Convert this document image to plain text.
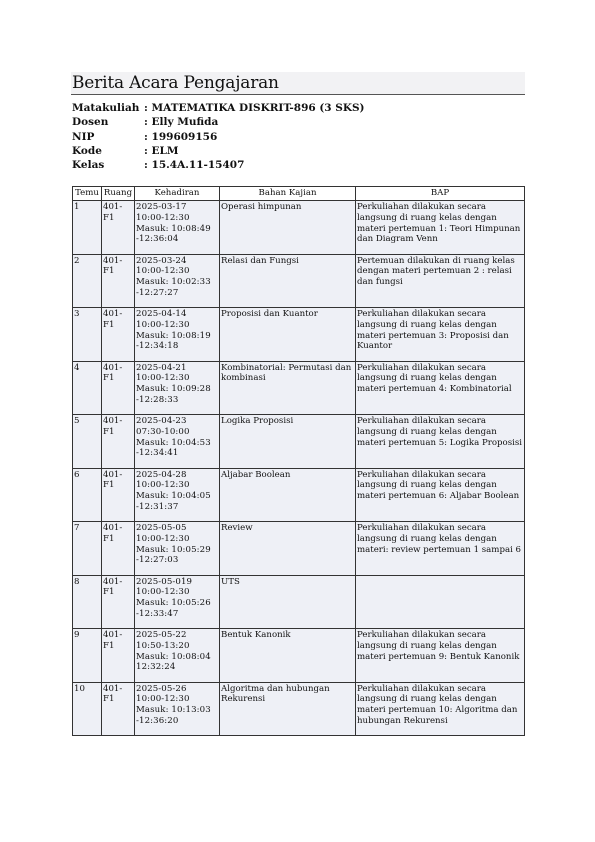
Berita Acara Pengajaran
Matakuliah : MATEMATIKA DISKRIT-896 (3 SKS)
Dosen	: Elly Mufida
NIP	: 199609156
Kode	: ELM
Kelas	: 15.4A.11-15407
Temu	Ruang	Kehadiran	Bahan Kajian	BAP
1	401-F1	2025-03-17
10:00-12:30
Masuk: 10:08:49
-12:36:04	Operasi himpunan	Perkuliahan dilakukan secara langsung di ruang kelas dengan materi pertemuan 1: Teori Himpunan dan Diagram Venn
2	401-F1	2025-03-24
10:00-12:30
Masuk: 10:02:33
-12:27:27	Relasi dan Fungsi	Pertemuan dilakukan di ruang kelas dengan materi pertemuan 2 : relasi dan fungsi
3	401-F1	2025-04-14
10:00-12:30
Masuk: 10:08:19
-12:34:18	Proposisi dan Kuantor	Perkuliahan dilakukan secara langsung di ruang kelas dengan materi pertemuan 3: Proposisi dan Kuantor
4	401-F1	2025-04-21
10:00-12:30
Masuk: 10:09:28
-12:28:33	Kombinatorial: Permutasi dan kombinasi	Perkuliahan dilakukan secara langsung di ruang kelas dengan materi pertemuan 4: Kombinatorial
5	401-F1	2025-04-23
07:30-10:00
Masuk: 10:04:53
-12:34:41	Logika Proposisi	Perkuliahan dilakukan secara langsung di ruang kelas dengan materi pertemuan 5: Logika Proposisi
6	401-F1	2025-04-28
10:00-12:30
Masuk: 10:04:05
-12:31:37	Aljabar Boolean	Perkuliahan dilakukan secara langsung di ruang kelas dengan materi pertemuan 6: Aljabar Boolean
7	401-F1	2025-05-05
10:00-12:30
Masuk: 10:05:29
-12:27:03	Review	Perkuliahan dilakukan secara langsung di ruang kelas dengan materi: review pertemuan 1 sampai 6
8	401-F1	2025-05-019
10:00-12:30
Masuk: 10:05:26
-12:33:47	UTS	
9	401-F1	2025-05-22
10:50-13:20
Masuk: 10:08:04
12:32:24	Bentuk Kanonik	Perkuliahan dilakukan secara langsung di ruang kelas dengan materi pertemuan 9: Bentuk Kanonik
10	401-F1	2025-05-26
10:00-12:30
Masuk: 10:13:03
-12:36:20	Algoritma dan hubungan Rekurensi	Perkuliahan dilakukan secara langsung di ruang kelas dengan materi pertemuan 10: Algoritma dan hubungan Rekurensi
